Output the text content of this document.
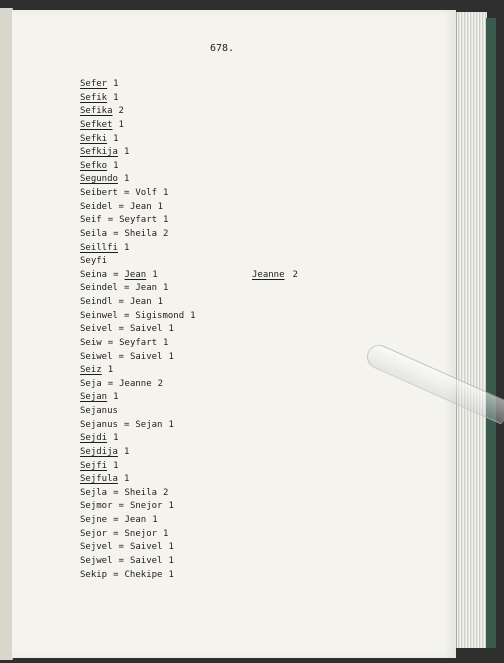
678.
Sefer 1
Sefik 1
Sefika 2
Sefket 1
Sefki 1
Sefkija 1
Sefko 1
Segundo 1
Seibert = Volf 1
Seidel = Jean 1
Seif = Seyfart 1
Seila = Sheila 2
Seillfi 1
Seyfi
Seina = Jean 1	Jeanne 2
Seindel = Jean 1
Seindl = Jean 1
Seinwel = Sigismond 1
Seivel = Saivel 1
Seiw = Seyfart 1
Seiwel = Saivel 1
Seiz 1
Seja = Jeanne 2
Sejan 1
Sejanus
Sejanus = Sejan 1
Sejdi 1
Sejdija 1
Sejfi 1
Sejfula 1
Sejla = Sheila 2
Sejmor = Snejor 1
Sejne = Jean 1
Sejor = Snejor 1
Sejvel = Saivel 1
Sejwel = Saivel 1
Sekip = Chekipe 1
